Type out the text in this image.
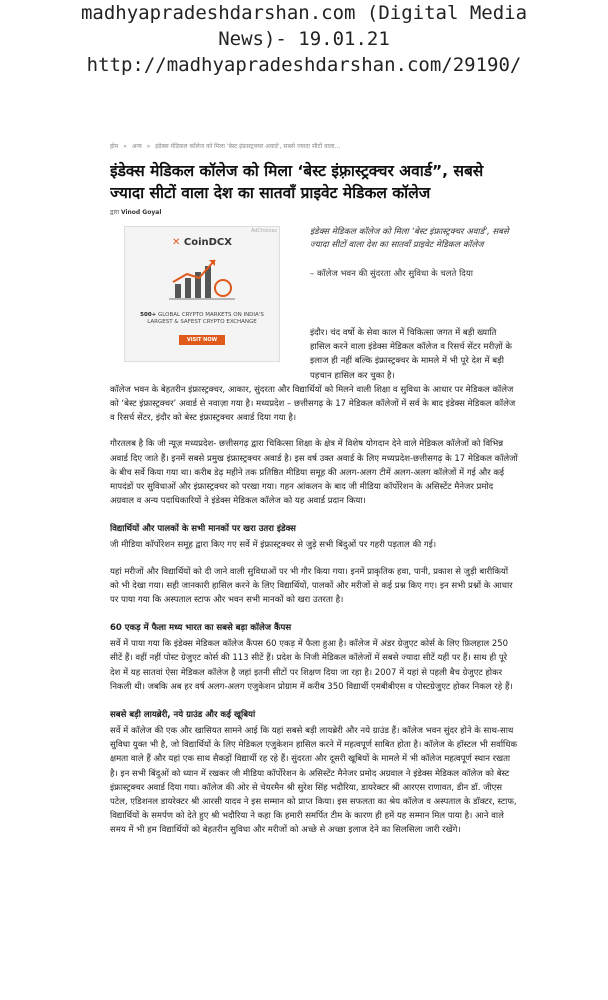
madhyapradeshdarshan.com (Digital Media
News)- 19.01.21
http://madhyapradeshdarshan.com/29190/
होम » अन्य » इंडेक्स मेडिकल कॉलेज को मिला 'बेस्ट इंफ्रास्ट्रक्चर अवार्ड', सबसे ज्यादा सीटों वाला...
इंडेक्स मेडिकल कॉलेज को मिला ‘बेस्ट इंफ़्रास्ट्रक्चर अवार्ड”, सबसे ज्यादा सीटों वाला देश का सातवाँ प्राइवेट मेडिकल कॉलेज
द्वारा Vinod Goyal
AdChoices
✕ CoinDCX
500+ GLOBAL CRYPTO MARKETS ON INDIA'S LARGEST & SAFEST CRYPTO EXCHANGE
VISIT NOW
इंडेक्स मेडिकल कॉलेज को मिला ‘बेस्ट इंफ्रास्ट्रक्चर अवार्ड’, सबसे ज्यादा सीटों वाला देश का सातवाँ प्राइवेट मेडिकल कॉलेज
– कॉलेज भवन की सुंदरता और सुविधा के चलते दिया
इंदौर। चंद वर्षो के सेवा काल में चिकित्सा जगत में बड़ी ख्याति हासिल करने वाला इंडेक्स मेडिकल कॉलेज व रिसर्च सेंटर मरीज़ों के इलाज ही नहीं बल्कि इंफ्रास्ट्रक्चर के मामले में भी पूरे देश में बड़ी पहचान हासिल कर चुका है।
कॉलेज भवन के बेहतरीन इंफ्रास्ट्रक्चर, आकार, सुंदरता और विद्यार्थियों को मिलने वाली शिक्षा व सुविधा के आधार पर मेडिकल कॉलेज को ‘बेस्ट इंफ्रास्ट्रक्चर’ अवार्ड से नवाज़ा गया है। मध्यप्रदेश – छत्तीसगढ़ के 17 मेडिकल कॉलेजों में सर्व के बाद इंडेक्स मेडिकल कॉलेज व रिसर्च सेंटर, इंदौर को बेस्ट इंफ्रास्ट्रक्चर अवार्ड दिया गया है।
गौरतलब है कि जी न्यूज़ मध्यप्रदेश- छत्तीसगढ़ द्वारा चिकित्सा शिक्षा के क्षेत्र में विशेष योगदान देने वाले मेडिकल कॉलेजों को विभिन्न अवार्ड दिए जाते हैं। इनमें सबसे प्रमुख इंफ्रास्ट्रक्चर अवार्ड है। इस वर्ष उक्त अवार्ड के लिए मध्यप्रदेश-छत्तीसगढ़ के 17 मेडिकल कॉलेजों के बीच सर्वे किया गया था। करीब डेढ़ महीने तक प्रतिष्ठित मीडिया समूह की अलग-अलग टीमें अलग-अलग कॉलेजों में गई और कई मापदंडों पर सुविधाओं और इंफ्रास्ट्रक्चर को परखा गया। गहन आंकलन के बाद जी मीडिया कॉर्पोरेशन के असिस्टेंट मैनेजर प्रमोद अग्रवाल व अन्य पदाधिकारियों ने इंडेक्स मेडिकल कॉलेज को यह अवार्ड प्रदान किया।
विद्यार्थियों और पालकों के सभी मानकों पर खरा उतरा इंडेक्स
जी मीडिया कॉर्पोरेशन समूह द्वारा किए गए सर्वे में इंफ्रास्ट्रक्चर से जुड़े सभी बिंदुओं पर गहरी पड़ताल की गई।
यहां मरीजों और विद्यार्थियों को दी जाने वाली सुविधाओं पर भी गौर किया गया। इनमें प्राकृतिक हवा, पानी, प्रकाश से जुड़ी बारीकियों को भी देखा गया। सही जानकारी हासिल करने के लिए विद्यार्थियों, पालकों और मरीजों से कई प्रश्न किए गए। इन सभी प्रश्नों के आधार पर पाया गया कि अस्पताल स्टाफ और भवन सभी मानकों को खरा उतरता है।
60 एकड़ में फैला मध्य भारत का सबसे बड़ा कॉलेज कैंपस
सर्वे में पाया गया कि इंडेक्स मेडिकल कॉलेज कैंपस 60 एकड़ में फैला हुआ है। कॉलेज में अंडर ग्रेजुएट कोर्स के लिए फ़िलहाल 250 सीटें हैं। वहीं नहीं पोस्ट ग्रेजुएट कोर्स की 113 सीटें हैं। प्रदेश के निजी मेडिकल कॉलेजों में सबसे ज्यादा सीटें यहीं पर हैं। साथ ही पूरे देश में यह सातवां ऐसा मेडिकल कॉलेज है जहां इतनी सीटों पर शिक्षण दिया जा रहा है। 2007 में यहां से पहली बैच ग्रेजुएट होकर निकली थी। जबकि अब हर वर्ष अलग-अलग एजुकेशन प्रोग्राम में करीब 350 विद्यार्थी एमबीबीएस व पोस्टग्रेजुएट होकर निकल रहे हैं।
सबसे बड़ी लायब्रेरी, नये ग्राउंड और कई खूबियां
सर्वे में कॉलेज की एक और खासियत सामने आई कि यहां सबसे बड़ी लायब्रेरी और नये ग्राउंड हैं। कॉलेज भवन सुंदर होने के साथ-साथ सुविधा युक्त भी है, जो विद्यार्थियों के लिए मेडिकल एजुकेशन हासिल करने में महत्वपूर्ण साबित होता है। कॉलेज के हॉस्टल भी सर्वाधिक क्षमता वाले हैं और यहां एक साथ सैकड़ों विद्यार्थी रह रहे हैं। सुंदरता और दूसरी खूबियों के मामले में भी कॉलेज महत्वपूर्ण स्थान रखता है। इन सभी बिंदुओं को ध्यान में रखकर जी मीडिया कॉर्पोरेशन के असिस्टेंट मैनेजर प्रमोद अग्रवाल ने इंडेक्स मेडिकल कॉलेज को बेस्ट इंफ्रास्ट्रक्चर अवार्ड दिया गया। कॉलेज की ओर से चेयरमैन श्री सुरेश सिंह भदौरिया, डायरेक्टर श्री आरएस राणावत, डीन डॉ. जीएस पटेल, एडिशनल डायरेक्टर श्री आरसी यादव ने इस सम्मान को प्राप्त किया। इस सफलता का श्रेय कॉलेज व अस्पताल के डॉक्टर, स्टाफ, विद्यार्थियों के समर्पण को देते हुए श्री भदौरिया ने कहा कि हमारी समर्पित टीम के कारण ही हमें यह सम्मान मिल पाया है। आने वाले समय में भी हम विद्यार्थियों को बेहतरीन सुविधा और मरीजों को अच्छे से अच्छा इलाज देने का सिलसिला जारी रखेंगे।
